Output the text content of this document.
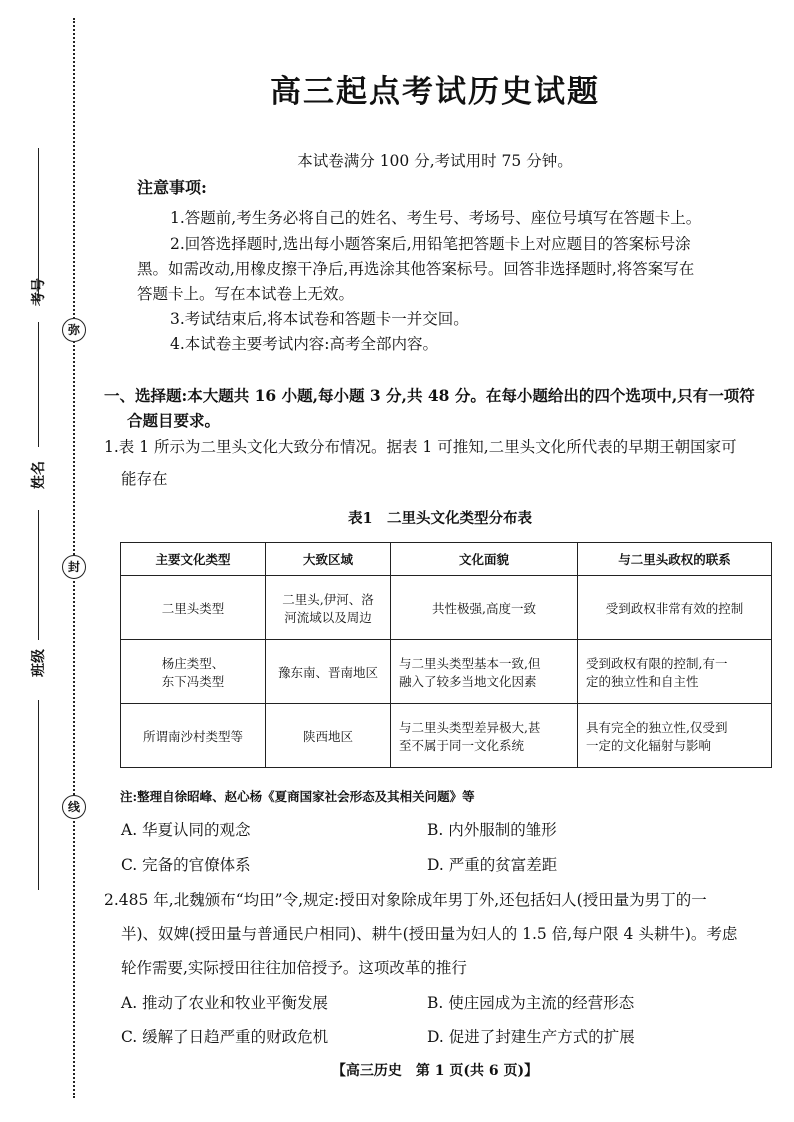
考号
姓名
班级
弥
封
线
高三起点考试历史试题
本试卷满分 100 分,考试用时 75 分钟。
注意事项:
1.答题前,考生务必将自己的姓名、考生号、考场号、座位号填写在答题卡上。
2.回答选择题时,选出每小题答案后,用铅笔把答题卡上对应题目的答案标号涂
黑。如需改动,用橡皮擦干净后,再选涂其他答案标号。回答非选择题时,将答案写在
答题卡上。写在本试卷上无效。
3.考试结束后,将本试卷和答题卡一并交回。
4.本试卷主要考试内容:高考全部内容。
一、选择题:本大题共 16 小题,每小题 3 分,共 48 分。在每小题给出的四个选项中,只有一项符
合题目要求。
1.表 1 所示为二里头文化大致分布情况。据表 1 可推知,二里头文化所代表的早期王朝国家可
能存在
表1　二里头文化类型分布表
主要文化类型	大致区域	文化面貌	与二里头政权的联系
二里头类型	二里头,伊河、洛
河流域以及周边	共性极强,高度一致	受到政权非常有效的控制
杨庄类型、
东下冯类型	豫东南、晋南地区	与二里头类型基本一致,但
融入了较多当地文化因素	受到政权有限的控制,有一
定的独立性和自主性
所谓南沙村类型等	陕西地区	与二里头类型差异极大,甚
至不属于同一文化系统	具有完全的独立性,仅受到
一定的文化辐射与影响
注:整理自徐昭峰、赵心杨《夏商国家社会形态及其相关问题》等
A. 华夏认同的观念	B. 内外服制的雏形
C. 完备的官僚体系	D. 严重的贫富差距
2.485 年,北魏颁布“均田”令,规定:授田对象除成年男丁外,还包括妇人(授田量为男丁的一
半)、奴婢(授田量与普通民户相同)、耕牛(授田量为妇人的 1.5 倍,每户限 4 头耕牛)。考虑
轮作需要,实际授田往往加倍授予。这项改革的推行
A. 推动了农业和牧业平衡发展	B. 使庄园成为主流的经营形态
C. 缓解了日趋严重的财政危机	D. 促进了封建生产方式的扩展
【高三历史　第 1 页(共 6 页)】
